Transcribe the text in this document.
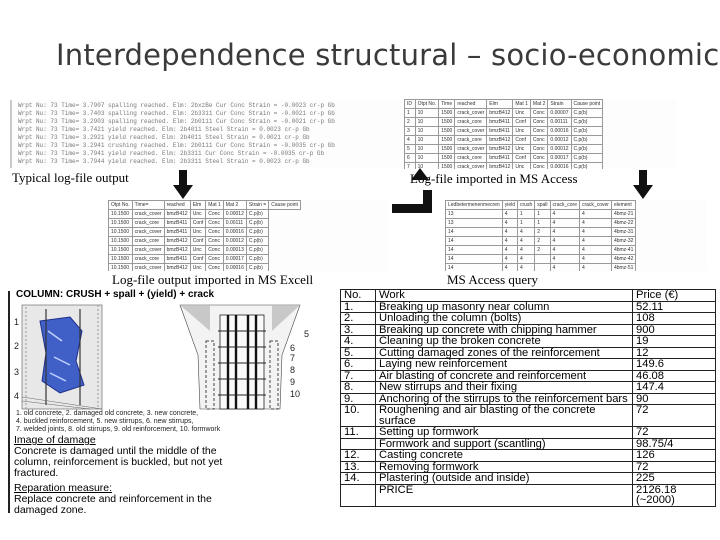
Interdependence structural – socio-economic
Wrpt Nu: 73 Time= 3.7907 spalling reached. Elm: 2bxzBe Cur Conc Strain = -0.0023 cr-p Gb
Wrpt Nu: 73 Time= 3.7403 spalling reached. Elm: 2b3311 Cur Conc Strain = -0.0021 cr-p Gb
Wrpt Nu: 73 Time= 3.2903 spalling reached. Elm: 2b0111 Cur Conc Strain = -0.0021 cr-p Gb
Wrpt Nu: 73 Time= 3.7421 yield reached. Elm: 2b4011 Steel Strain = 0.0023 cr-p Gb
Wrpt Nu: 73 Time= 3.2921 yield reached. Elm: 2b4011 Steel Strain = 0.0021 cr-p Gb
Wrpt Nu: 73 Time= 3.2941 crushing reached. Elm: 2b0111 Cur Conc Strain = -0.0035 cr-p Gb
Wrpt Nu: 73 Time= 3.7941 yield reached. Elm: 2b3311 Cur Conc Strain = -0.0035 cr-p Gb
Wrpt Nu: 73 Time= 3.7944 yield reached. Elm: 2b3311 Steel Strain = 0.0023 cr-p Gb
Typical log-file output
ID	Otpt No.	Time	reached	Elm	Mat 1	Mat 2	Strain	Cause point
1	10	1500	crack_cover	bmzB412	Unc	Conc	0.00007	C.p(b)
2	10	1500	crack_core	bmzB411	Conf	Conc	0.00111	C.p(b)
3	10	1500	crack_cover	bmzB411	Unc	Conc	0.00016	C.p(b)
4	10	1500	crack_core	bmzB412	Conf	Conc	0.00012	C.p(b)
5	10	1500	crack_cover	bmzB412	Unc	Conc	0.00012	C.p(b)
6	10	1500	crack_core	bmzB411	Conf	Conc	0.00017	C.p(b)
7	10	1500	crack_cover	bmzB412	Unc	Conc	0.00016	C.p(b)

Log-file imported in MS Access
Otpt No.	Time=	reached	Elm	Mat 1	Mat 2	Strain =	Cause point
10.1500	crack_cover	bmzB412	Unc	Conc	0.00012	C.p(b)	
10.1500	crack_core	bmzB411	Conf	Conc	0.00111	C.p(b)	
10.1500	crack_cover	bmzB411	Unc	Conc	0.00016	C.p(b)	
10.1500	crack_core	bmzB412	Conf	Conc	0.00012	C.p(b)	
10.1500	crack_cover	bmzB412	Unc	Conc	0.00013	C.p(b)	
10.1500	crack_core	bmzB411	Conf	Conc	0.00017	C.p(b)	
10.1500	crack_cover	bmzB412	Unc	Conc	0.00016	C.p(b)	

Log-file output imported in MS Excell
Ledbetermenenmecren	yield	crush	spall	crack_core	crack_cover	element
13	4	1	1	4	4	4bmz-21
13	4	1	1	4	4	4bmz-22
14	4	4	2	4	4	4bmz-31
14	4	4	2	4	4	4bmz-32
14	4	4	2	4	4	4bmz-41
14	4	4		4	4	4bmz-42
14	4	4		4	4	4bmz-51

MS Access query
COLUMN: CRUSH + spall + (yield) + crack
1
2
3
4
5
6
7
8
9
10
1. old concrete, 2. damaged old concrete, 3. new concrete,
4. buckled reinforcement, 5. new stirrups, 6. new stirrups,
7. welded joints, 8. old stirrups, 9. old reinforcement, 10. formwork
Image of damage
Concrete is damaged until the middle of the
column, reinforcement is buckled, but not yet
fractured.
Reparation measure:
Replace concrete and reinforcement in the
damaged zone.
No.	Work	Price (€)
1.	Breaking up masonry near column	52.11
2.	Unloading the column (bolts)	108
3.	Breaking up concrete with chipping hammer	900
4.	Cleaning up the broken concrete	19
5.	Cutting damaged zones of the reinforcement	12
6.	Laying new reinforcement	149.6
7.	Air blasting of concrete and reinforcement	46.08
8.	New stirrups and their fixing	147.4
9.	Anchoring of the stirrups to the reinforcement bars	90
10.	Roughening and air blasting of the concrete surface	72
11.	Setting up formwork	72
	Formwork and support (scantling)	98.75/4
12.	Casting concrete	126
13.	Removing formwork	72
14.	Plastering (outside and inside)	225
	PRICE	2126.18 (~2000)
